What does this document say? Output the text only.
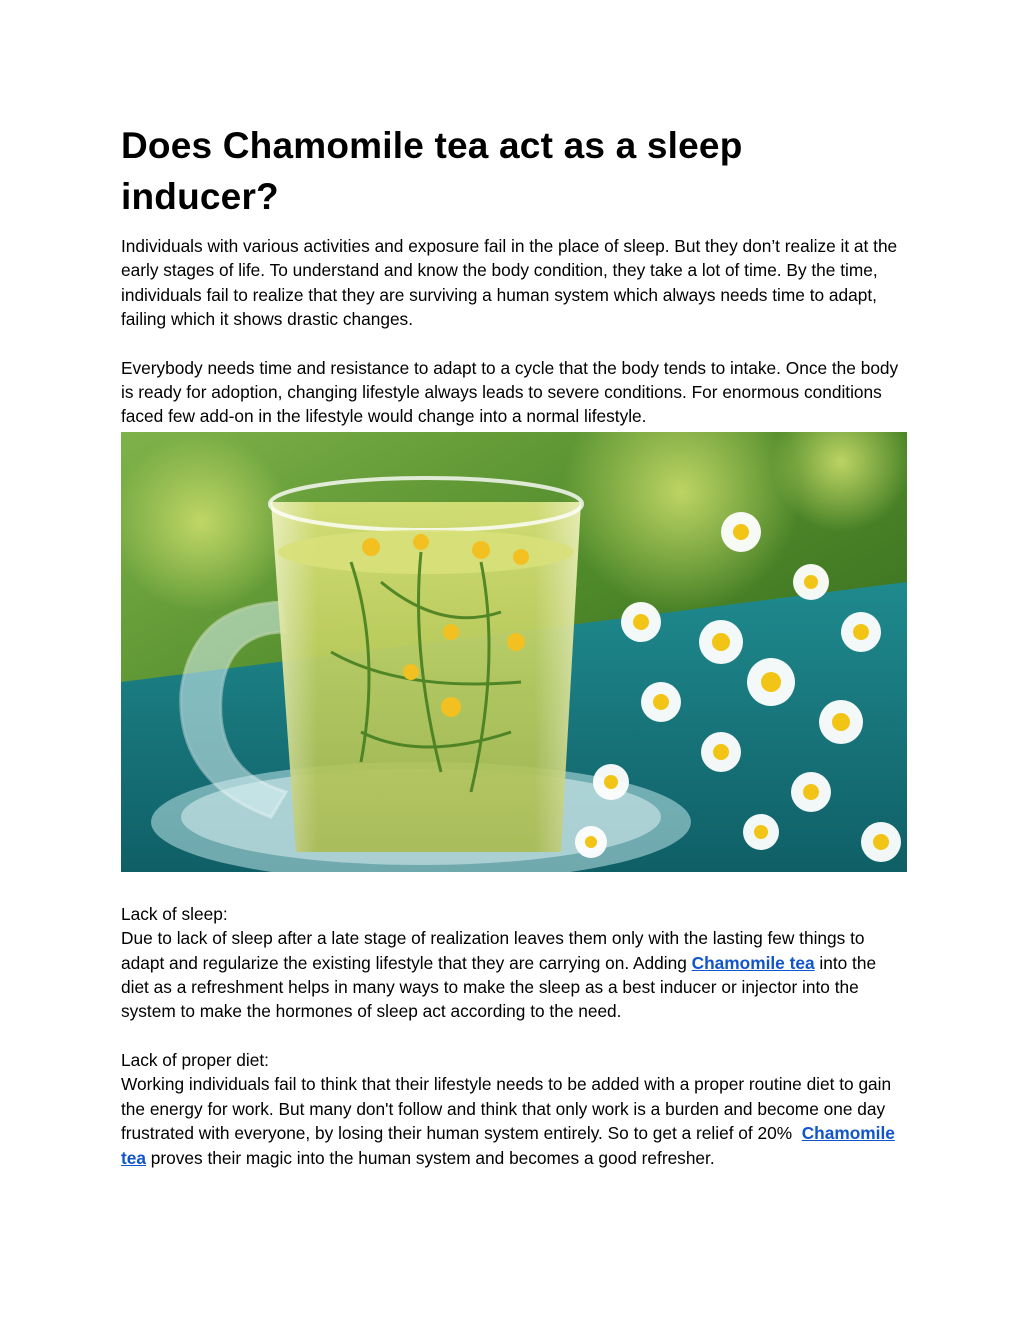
Does Chamomile tea act as a sleep inducer?

Individuals with various activities and exposure fail in the place of sleep. But they don’t realize it at the early stages of life. To understand and know the body condition, they take a lot of time. By the time, individuals fail to realize that they are surviving a human system which always needs time to adapt, failing which it shows drastic changes.

Everybody needs time and resistance to adapt to a cycle that the body tends to intake. Once the body is ready for adoption, changing lifestyle always leads to severe conditions. For enormous conditions faced few add-on in the lifestyle would change into a normal lifestyle.

Lack of sleep:

Due to lack of sleep after a late stage of realization leaves them only with the lasting few things to adapt and regularize the existing lifestyle that they are carrying on. Adding Chamomile tea into the diet as a refreshment helps in many ways to make the sleep as a best inducer or injector into the system to make the hormones of sleep act according to the need.

Lack of proper diet:

Working individuals fail to think that their lifestyle needs to be added with a proper routine diet to gain the energy for work. But many don't follow and think that only work is a burden and become one day frustrated with everyone, by losing their human system entirely. So to get a relief of 20%  Chamomile tea proves their magic into the human system and becomes a good refresher.
